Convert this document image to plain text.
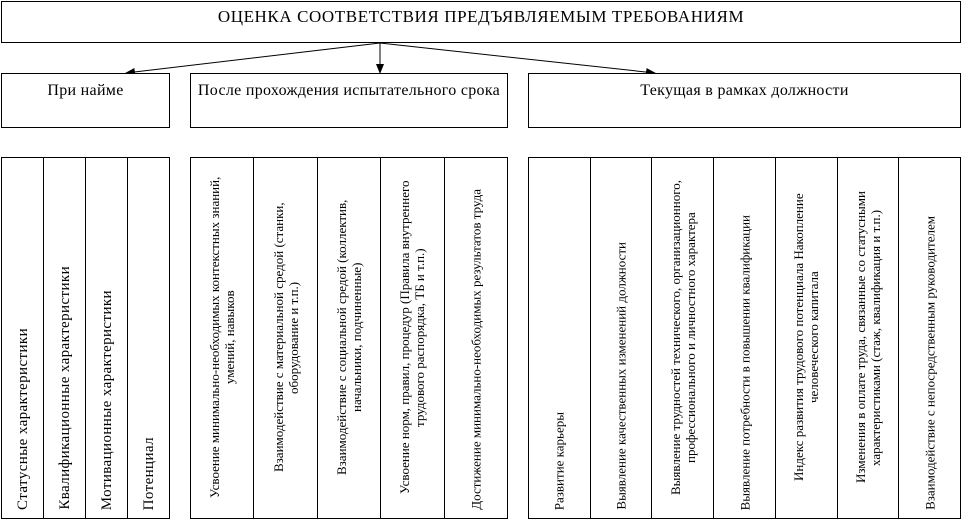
ОЦЕНКА СООТВЕТСТВИЯ ПРЕДЪЯВЛЯЕМЫМ ТРЕБОВАНИЯМ
При найме	После прохождения испытательного срока	Текущая в рамках должности
Статусные характеристики Квалификационные характеристики Мотивационные характеристики Потенциал	Усвоение минимально-необходимых контекстных знаний, умений, навыков	Взаимодействие с материальной средой (станки, оборудование и т.п.)	Взаимодействие с социальной средой (коллектив, начальники, подчиненные)	Усвоение норм, правил, процедур (Правила внутреннего трудового распорядка, ТБ и т.п.)	Достижение минимально-необходимых результатов труда	Развитие карьеры	Выявление качественных изменений должности	Выявление трудностей технического, организационного, профессионального и личностного характера	Выявление потребности в повышении квалификации	Индекс развития трудового потенциала Накопление человеческого капитала Изменения в оплате труда, связанные со статусными характеристиками (стаж, квалификация и т.п.)	Взаимодействие с непосредственным руководителем
